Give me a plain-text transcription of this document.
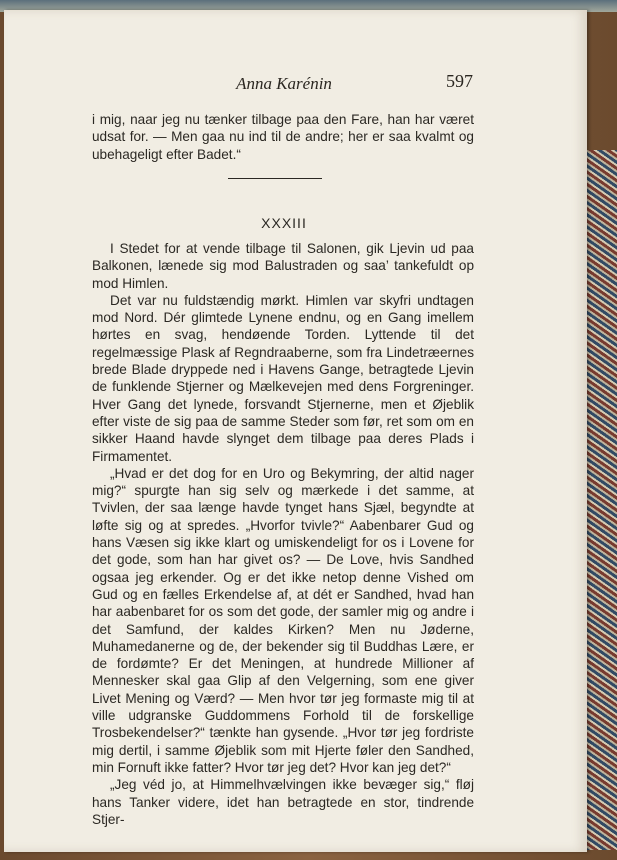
Anna Karénin	597

i mig, naar jeg nu tænker tilbage paa den Fare, han har været udsat for. — Men gaa nu ind til de andre; her er saa kvalmt og ubehageligt efter Badet.“

XXXIII

I Stedet for at vende tilbage til Salonen, gik Ljevin ud paa Balkonen, lænede sig mod Balustraden og saa’ tankefuldt op mod Himlen.

Det var nu fuldstændig mørkt. Himlen var skyfri undtagen mod Nord. Dér glimtede Lynene endnu, og en Gang imellem hørtes en svag, hendøende Torden. Lyttende til det regelmæssige Plask af Regndraaberne, som fra Lindetræernes brede Blade dryppede ned i Havens Gange, betragtede Ljevin de funklende Stjerner og Mælkevejen med dens Forgreninger. Hver Gang det lynede, forsvandt Stjernerne, men et Øjeblik efter viste de sig paa de samme Steder som før, ret som om en sikker Haand havde slynget dem tilbage paa deres Plads i Firmamentet.

„Hvad er det dog for en Uro og Bekymring, der altid nager mig?“ spurgte han sig selv og mærkede i det samme, at Tvivlen, der saa længe havde tynget hans Sjæl, begyndte at løfte sig og at spredes. „Hvorfor tvivle?“ Aabenbarer Gud og hans Væsen sig ikke klart og umiskendeligt for os i Lovene for det gode, som han har givet os? — De Love, hvis Sandhed ogsaa jeg erkender. Og er det ikke netop denne Vished om Gud og en fælles Erkendelse af, at dét er Sandhed, hvad han har aabenbaret for os som det gode, der samler mig og andre i det Samfund, der kaldes Kirken? Men nu Jøderne, Muhamedanerne og de, der bekender sig til Buddhas Lære, er de fordømte? Er det Meningen, at hundrede Millioner af Mennesker skal gaa Glip af den Velgerning, som ene giver Livet Mening og Værd? — Men hvor tør jeg formaste mig til at ville udgranske Guddommens Forhold til de forskellige Trosbekendelser?“ tænkte han gysende. „Hvor tør jeg fordriste mig dertil, i samme Øjeblik som mit Hjerte føler den Sandhed, min Fornuft ikke fatter? Hvor tør jeg det? Hvor kan jeg det?“

„Jeg véd jo, at Himmelhvælvingen ikke bevæger sig,“ fløj hans Tanker videre, idet han betragtede en stor, tindrende Stjer-
